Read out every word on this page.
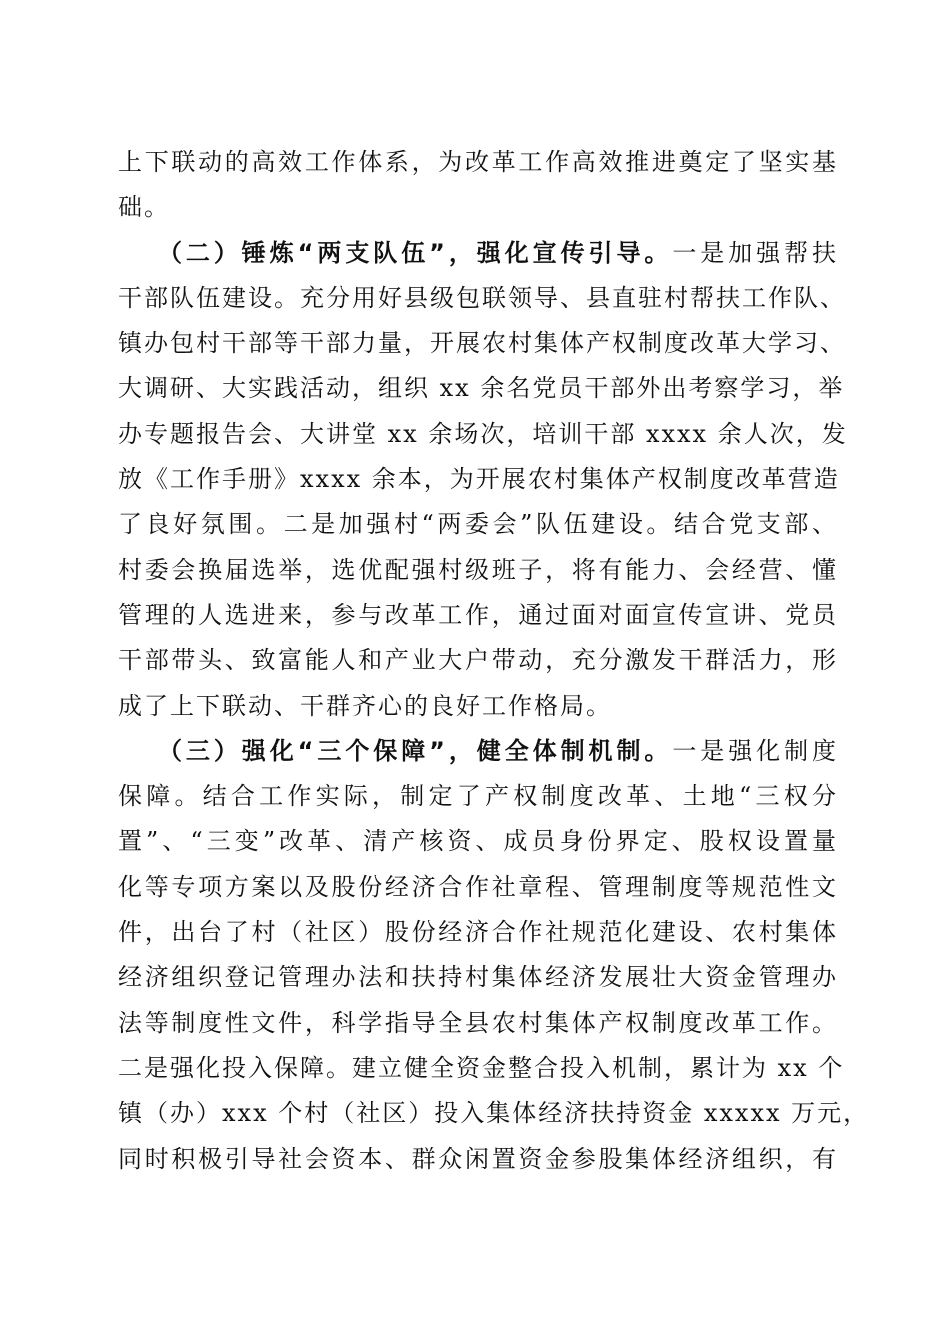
上下联动的高效工作体系，为改革工作高效推进奠定了坚实基
础。
（二）锤炼“两支队伍”，强化宣传引导。一是加强帮扶
干部队伍建设。充分用好县级包联领导、县直驻村帮扶工作队、
镇办包村干部等干部力量，开展农村集体产权制度改革大学习、
大调研、大实践活动，组织 xx 余名党员干部外出考察学习，举
办专题报告会、大讲堂 xx 余场次，培训干部 xxxx 余人次，发
放《工作手册》xxxx 余本，为开展农村集体产权制度改革营造
了良好氛围。二是加强村“两委会”队伍建设。结合党支部、
村委会换届选举，选优配强村级班子，将有能力、会经营、懂
管理的人选进来，参与改革工作，通过面对面宣传宣讲、党员
干部带头、致富能人和产业大户带动，充分激发干群活力，形
成了上下联动、干群齐心的良好工作格局。
（三）强化“三个保障”，健全体制机制。一是强化制度
保障。结合工作实际，制定了产权制度改革、土地“三权分
置”、“三变”改革、清产核资、成员身份界定、股权设置量
化等专项方案以及股份经济合作社章程、管理制度等规范性文
件，出台了村（社区）股份经济合作社规范化建设、农村集体
经济组织登记管理办法和扶持村集体经济发展壮大资金管理办
法等制度性文件，科学指导全县农村集体产权制度改革工作。
二是强化投入保障。建立健全资金整合投入机制，累计为 xx 个
镇（办）xxx 个村（社区）投入集体经济扶持资金 xxxxx 万元，
同时积极引导社会资本、群众闲置资金参股集体经济组织，有
